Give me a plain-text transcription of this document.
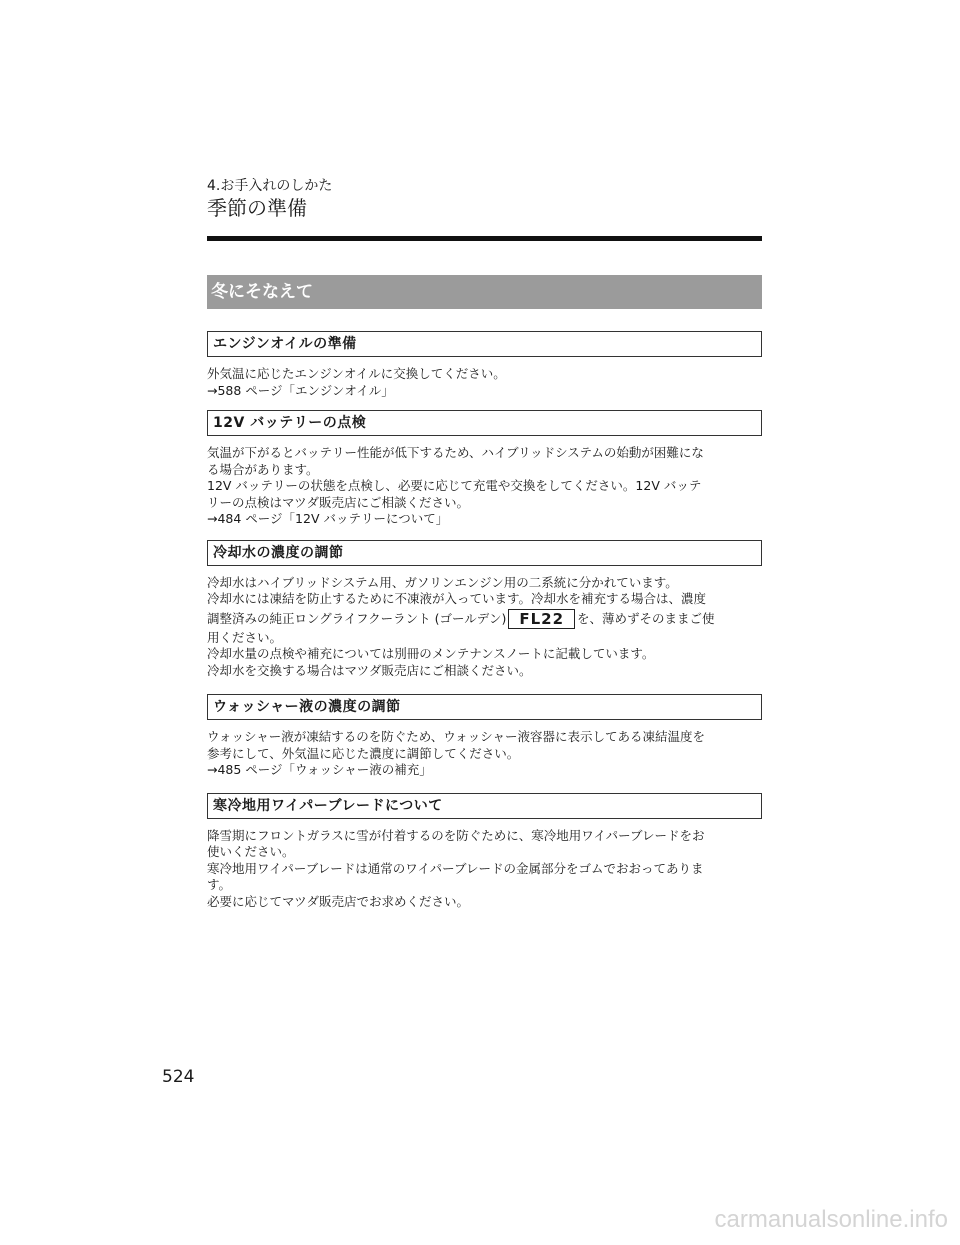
4.お手入れのしかた

季節の準備
冬にそなえて
エンジンオイルの準備

外気温に応じたエンジンオイルに交換してください。

→588 ページ「エンジンオイル」

12V バッテリーの点検

気温が下がるとバッテリー性能が低下するため、ハイブリッドシステムの始動が困難にな

る場合があります。

12V バッテリーの状態を点検し、必要に応じて充電や交換をしてください。12V バッテ

リーの点検はマツダ販売店にご相談ください。

→484 ページ「12V バッテリーについて」

冷却水の濃度の調節

冷却水はハイブリッドシステム用、ガソリンエンジン用の二系統に分かれています。

冷却水には凍結を防止するために不凍液が入っています。冷却水を補充する場合は、濃度

調整済みの純正ロングライフクーラント (ゴールデン) FL22 を、薄めずそのままご使

用ください。

冷却水量の点検や補充については別冊のメンテナンスノートに記載しています。

冷却水を交換する場合はマツダ販売店にご相談ください。

ウォッシャー液の濃度の調節

ウォッシャー液が凍結するのを防ぐため、ウォッシャー液容器に表示してある凍結温度を

参考にして、外気温に応じた濃度に調節してください。

→485 ページ「ウォッシャー液の補充」

寒冷地用ワイパーブレードについて

降雪期にフロントガラスに雪が付着するのを防ぐために、寒冷地用ワイパーブレードをお

使いください。

寒冷地用ワイパーブレードは通常のワイパーブレードの金属部分をゴムでおおってありま

す。

必要に応じてマツダ販売店でお求めください。

524

carmanualsonline.info
